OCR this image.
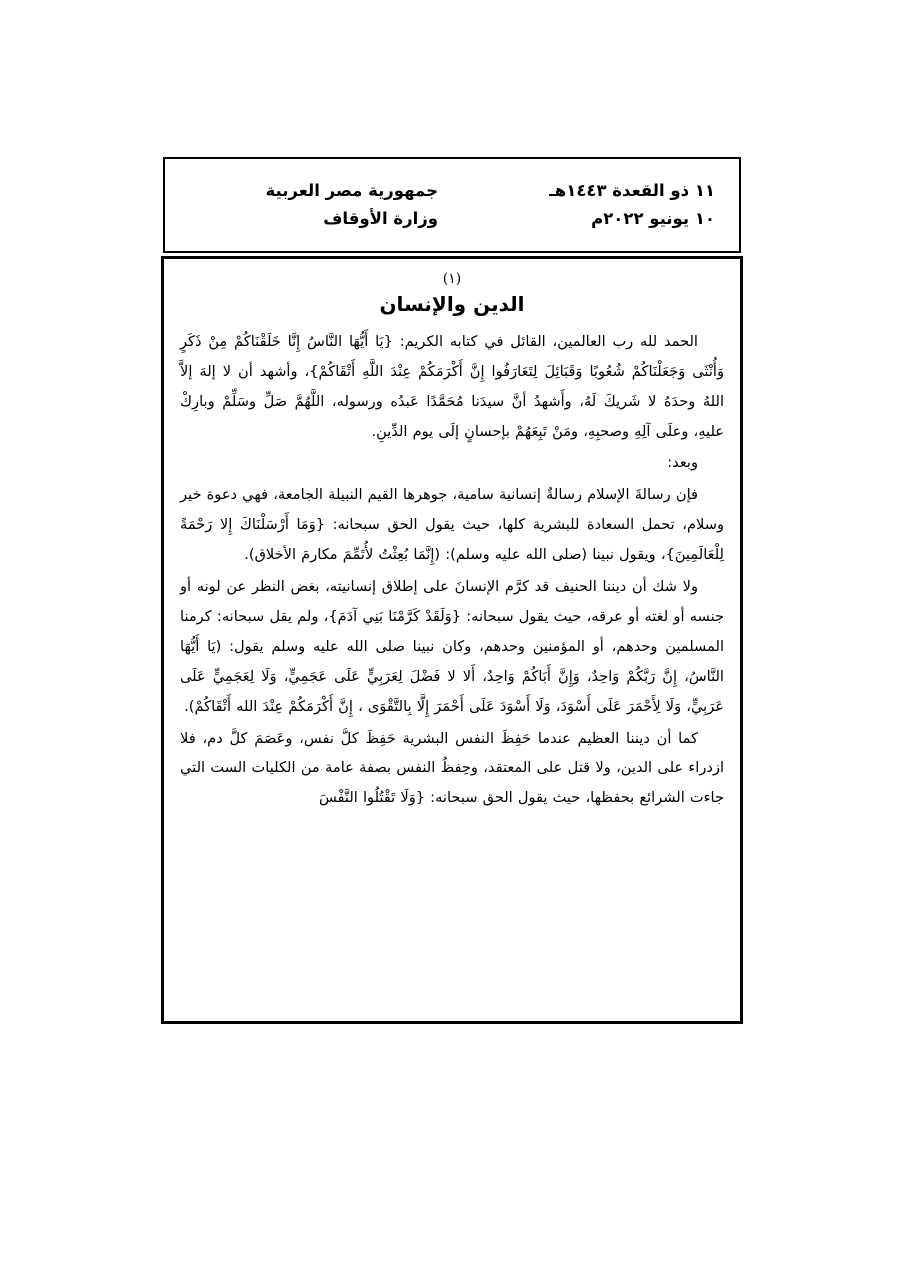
١١ ذو القعدة ١٤٤٣هـ
١٠ يونيو ٢٠٢٢م
جمهورية مصر العربية
وزارة الأوقاف
(١)
الدين والإنسان

الحمد لله رب العالمين، القائل في كتابه الكريم: {يَا أَيُّهَا النَّاسُ إِنَّا خَلَقْنَاكُمْ مِنْ ذَكَرٍ وَأُنْثَى وَجَعَلْنَاكُمْ شُعُوبًا وَقَبَائِلَ لِتَعَارَفُوا إِنَّ أَكْرَمَكُمْ عِنْدَ اللَّهِ أَتْقَاكُمْ}، وأشهد أن لا إلهَ إلاَّ اللهُ وحدَهُ لا شَريكَ لَهُ، وأَشهدُ أنَّ سيدَنا مُحَمَّدًا عَبدُه ورسوله، اللَّهُمَّ صَلِّ وسَلِّمْ وبارِكْ عليهِ، وعلَى آلِهِ وصحبِهِ، ومَنْ تَبِعَهُمْ بإحسانٍ إلَى يوم الدِّينِ.

وبعد:

فإن رسالةَ الإسلام رسالةٌ إنسانية سامية، جوهرها القيم النبيلة الجامعة، فهي دعوة خير وسلام، تحمل السعادة للبشرية كلها، حيث يقول الحق سبحانه: {وَمَا أَرْسَلْنَاكَ إِلا رَحْمَةً لِلْعَالَمِينَ}، ويقول نبينا (صلى الله عليه وسلم): (إِنَّمَا بُعِثْتُ لأُتَمِّمَ مكارمَ الأخلاق).

ولا شك أن ديننا الحنيف قد كرَّم الإنسانَ على إطلاق إنسانيته، بغض النظر عن لونه أو جنسه أو لغته أو عرقه، حيث يقول سبحانه: {وَلَقَدْ كَرَّمْنَا بَنِي آدَمَ}، ولم يقل سبحانه: كرمنا المسلمين وحدهم، أو المؤمنين وحدهم، وكان نبينا صلى الله عليه وسلم يقول: (يَا أَيُّهَا النَّاسُ، إِنَّ رَبَّكُمْ وَاحِدٌ، وَإِنَّ أَبَاكُمْ وَاحِدٌ، أَلا لا فَضْلَ لِعَرَبِيٍّ عَلَى عَجَمِيٍّ، وَلَا لِعَجَمِيٍّ عَلَى عَرَبِيٍّ، وَلَا لِأَحْمَرَ عَلَى أَسْوَدَ، وَلَا أَسْوَدَ عَلَى أَحْمَرَ إِلَّا بِالتَّقْوَى ، إِنَّ أَكْرَمَكُمْ عِنْدَ الله أَتْقَاكُمْ).

كما أن ديننا العظيم عندما حَفِظَ النفس البشرية حَفِظَ كلَّ نفس، وعَصَمَ كلَّ دم، فلا ازدراء على الدين، ولا قتل على المعتقد، وحِفظُ النفس بصفة عامة من الكليات الست التي جاءت الشرائع بحفظها، حيث يقول الحق سبحانه: {وَلَا تَقْتُلُوا النَّفْسَ
